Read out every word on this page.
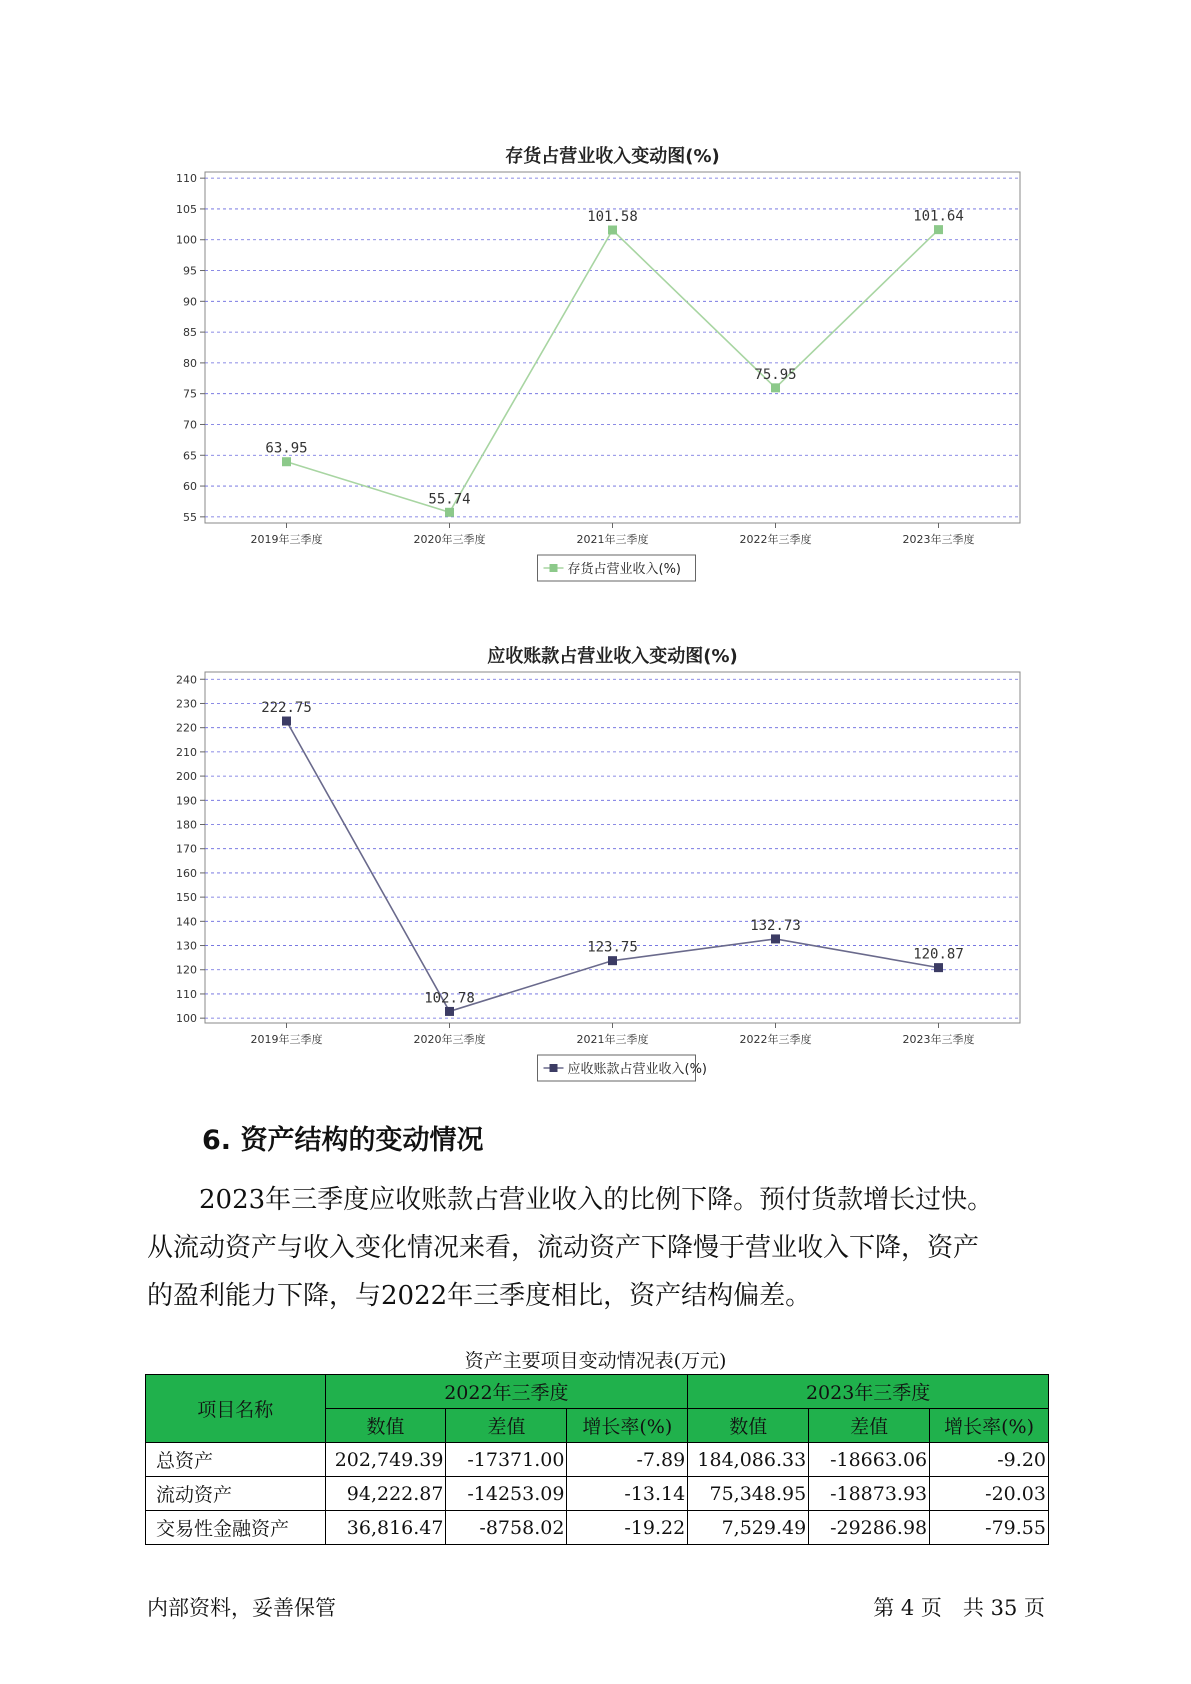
存货占营业收入变动图(%)
55
60
65
70
75
80
85
90
95
100
105
110
2019年三季度	2020年三季度	2021年三季度	2022年三季度	2023年三季度
63.95
55.74
101.58
75.95
101.64
存货占营业收入(%)
应收账款占营业收入变动图(%)
100
110
120
130
140
150
160
170
180
190
200
210
220
230
240
2019年三季度	2020年三季度	2021年三季度	2022年三季度	2023年三季度
222.75
102.78
123.75
132.73
120.87
应收账款占营业收入(%)
6. 资产结构的变动情况

　　2023年三季度应收账款占营业收入的比例下降。预付货款增长过快。

从流动资产与收入变化情况来看，流动资产下降慢于营业收入下降，资产

的盈利能力下降，与2022年三季度相比，资产结构偏差。

资产主要项目变动情况表(万元)
项目名称	2022年三季度			2023年三季度		
	数值	差值	增长率(%)	数值	差值	增长率(%)
总资产	202,749.39	-17371.00	-7.89	184,086.33	-18663.06	-9.20
流动资产	94,222.87	-14253.09	-13.14	75,348.95	-18873.93	-20.03
交易性金融资产	36,816.47	-8758.02	-19.22	7,529.49	-29286.98	-79.55
内部资料，妥善保管	第 4 页　共 35 页
